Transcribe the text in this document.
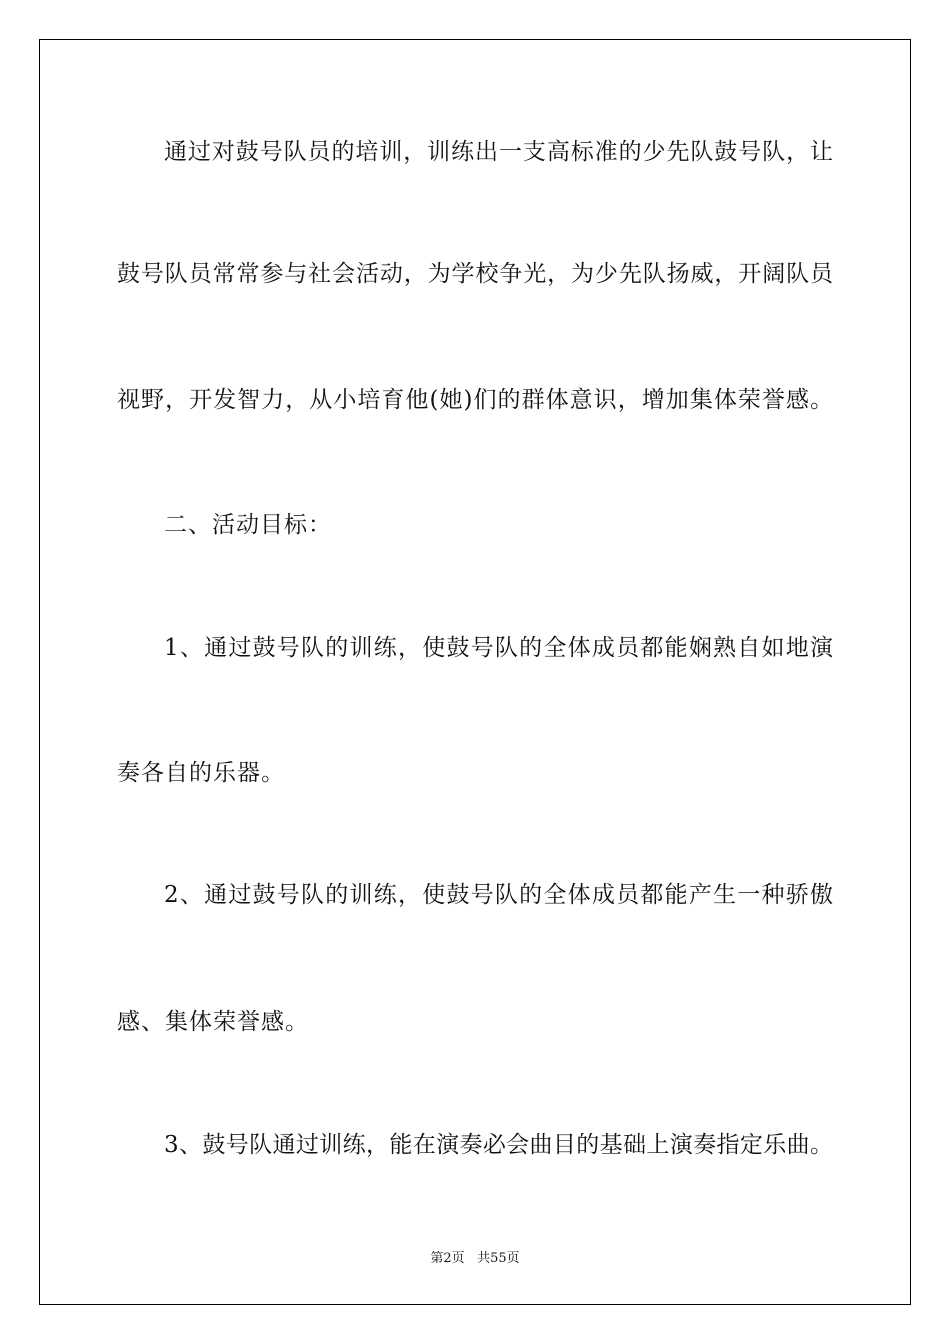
通过对鼓号队员的培训，训练出一支高标准的少先队鼓号队，让

鼓号队员常常参与社会活动，为学校争光，为少先队扬威，开阔队员

视野，开发智力，从小培育他(她)们的群体意识，增加集体荣誉感。

二、活动目标：

1、通过鼓号队的训练，使鼓号队的全体成员都能娴熟自如地演

奏各自的乐器。

2、通过鼓号队的训练，使鼓号队的全体成员都能产生一种骄傲

感、集体荣誉感。

3、鼓号队通过训练，能在演奏必会曲目的基础上演奏指定乐曲。

第2页 共55页
